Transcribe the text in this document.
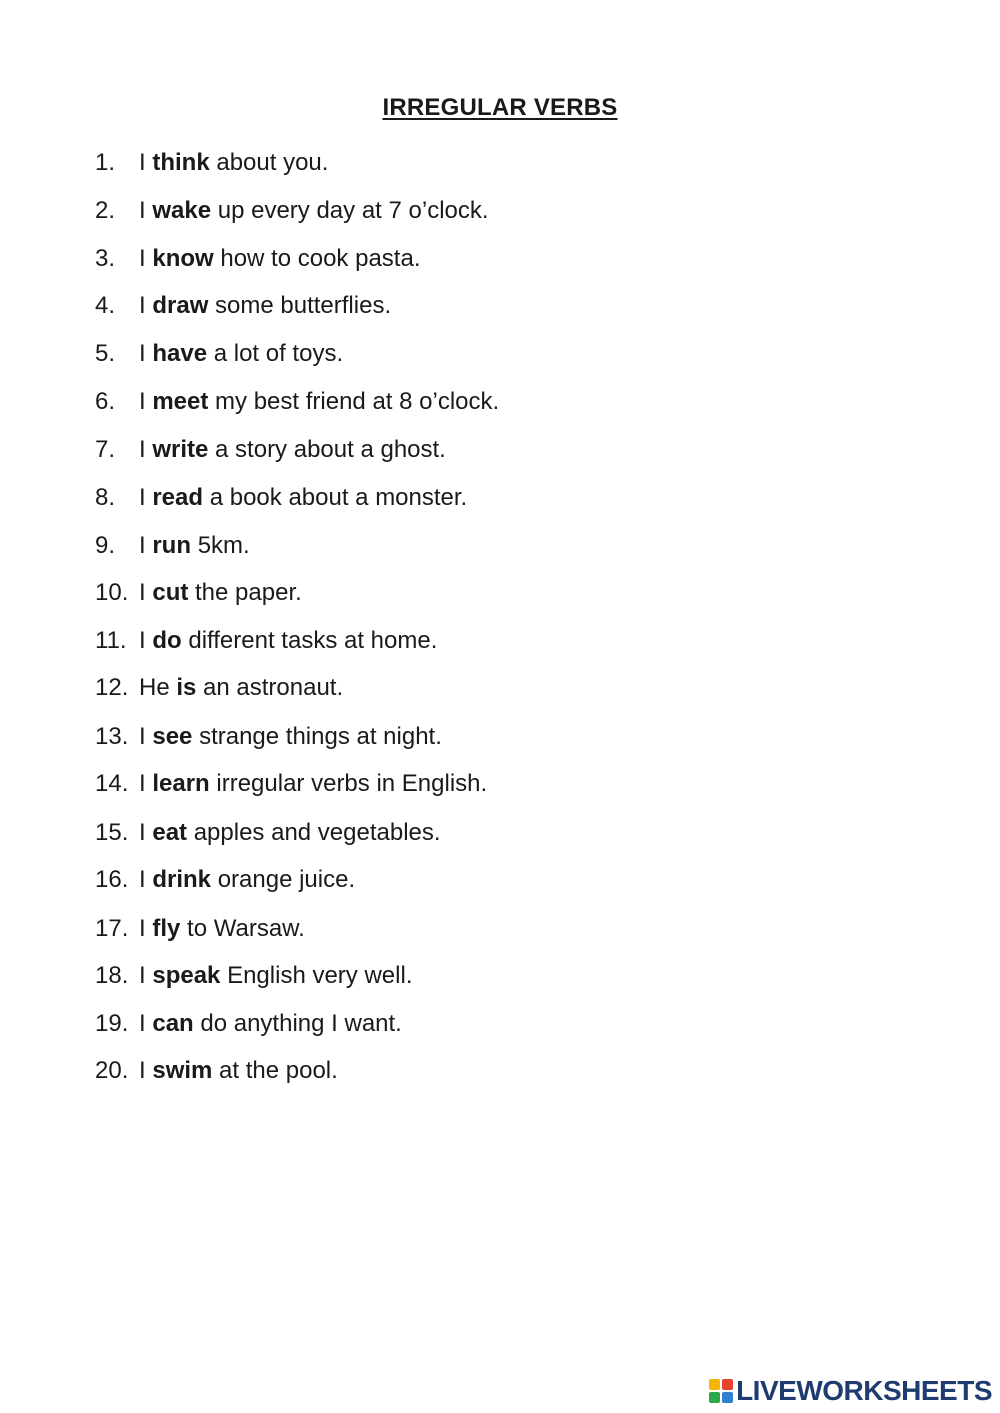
IRREGULAR VERBS
1. I think about you.
2. I wake up every day at 7 o’clock.
3. I know how to cook pasta.
4. I draw some butterflies.
5. I have a lot of toys.
6. I meet my best friend at 8 o’clock.
7. I write a story about a ghost.
8. I read a book about a monster.
9. I run 5km.
10. I cut the paper.
11. I do different tasks at home.
12. He is an astronaut.
13. I see strange things at night.
14. I learn irregular verbs in English.
15. I eat apples and vegetables.
16. I drink orange juice.
17. I fly to Warsaw.
18. I speak English very well.
19. I can do anything I want.
20. I swim at the pool.
LIVEWORKSHEETS
